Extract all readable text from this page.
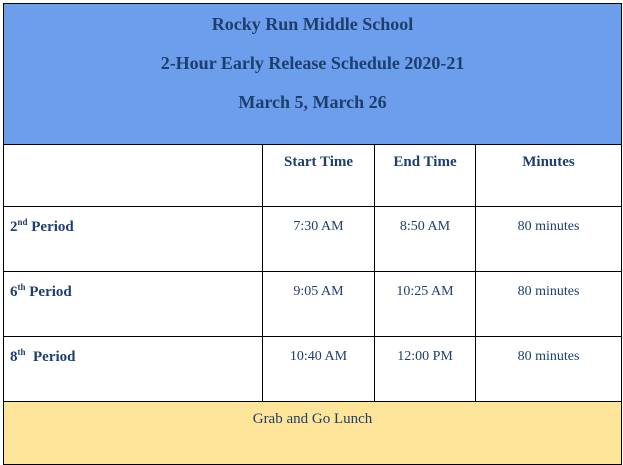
Rocky Run Middle School
2-Hour Early Release Schedule 2020-21
March 5, March 26			

	Start Time	End Time	Minutes
2nd Period	7:30 AM	8:50 AM	80 minutes
6th Period	9:05 AM	10:25 AM	80 minutes
8th  Period	10:40 AM	12:00 PM	80 minutes
Grab and Go Lunch			
